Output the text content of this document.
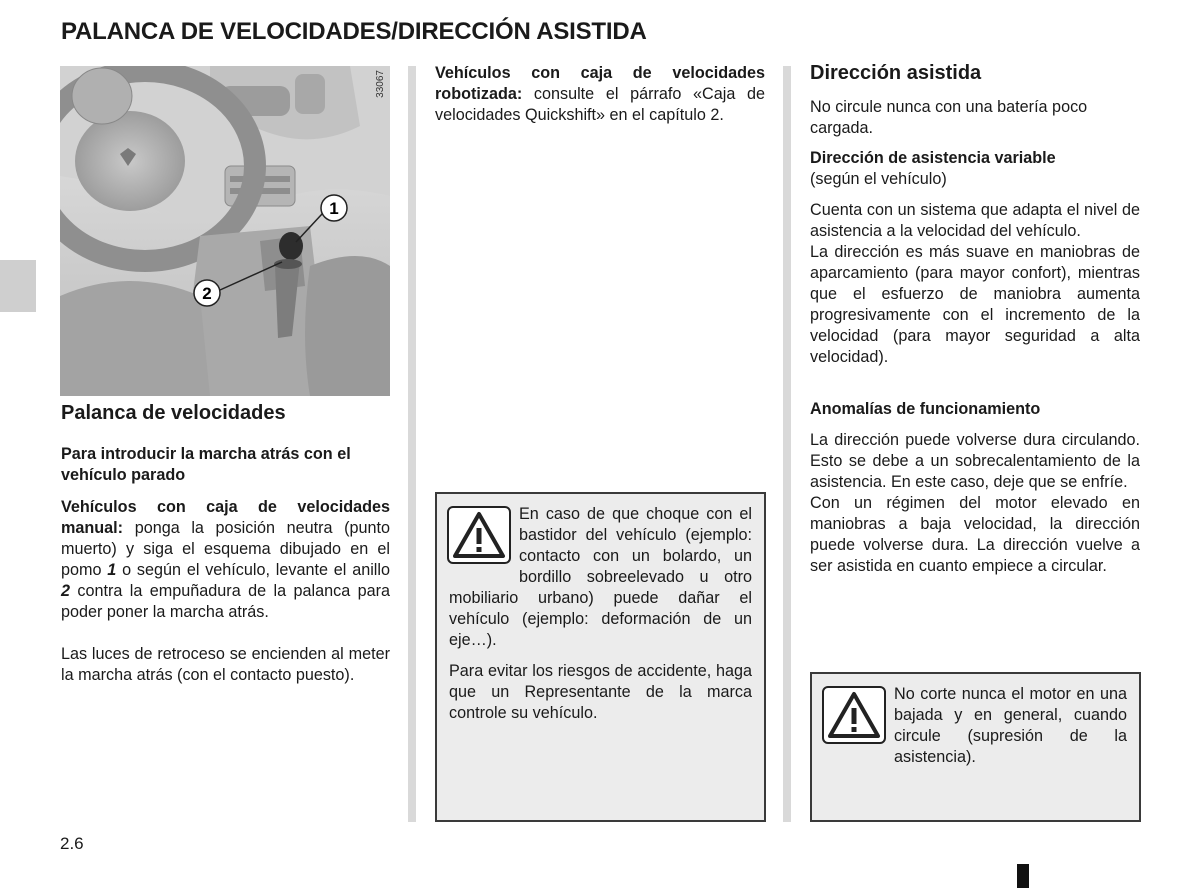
PALANCA DE VELOCIDADES/DIRECCIÓN ASISTIDA
1
2
33067
Palanca de velocidades
Para introducir la marcha atrás con el vehículo parado
Vehículos con caja de velocidades manual: ponga la posición neutra (punto muerto) y siga el esquema dibujado en el pomo 1 o según el vehículo, levante el anillo 2 contra la empuñadura de la palanca para poder poner la marcha atrás.
Las luces de retroceso se encienden al meter la marcha atrás (con el contacto puesto).
Vehículos con caja de velocidades robotizada: consulte el párrafo «Caja de velocidades Quickshift» en el capítulo 2.
En caso de que choque con el bastidor del vehículo (ejemplo: contacto con un bolardo, un bordillo sobreelevado u otro mobiliario urbano) puede dañar el vehículo (ejemplo: deformación de un eje…).
Para evitar los riesgos de accidente, haga que un Representante de la marca controle su vehículo.
Dirección asistida
No circule nunca con una batería poco cargada.
Dirección de asistencia variable
(según el vehículo)
Cuenta con un sistema que adapta el nivel de asistencia a la velocidad del vehículo.
La dirección es más suave en maniobras de aparcamiento (para mayor confort), mientras que el esfuerzo de maniobra aumenta progresivamente con el incremento de la velocidad (para mayor seguridad a alta velocidad).
Anomalías de funcionamiento
La dirección puede volverse dura circulando. Esto se debe a un sobrecalentamiento de la asistencia. En este caso, deje que se enfríe.
Con un régimen del motor elevado en maniobras a baja velocidad, la dirección puede volverse dura. La dirección vuelve a ser asistida en cuanto empiece a circular.
No corte nunca el motor en una bajada y en general, cuando circule (supresión de la asistencia).
2.6
